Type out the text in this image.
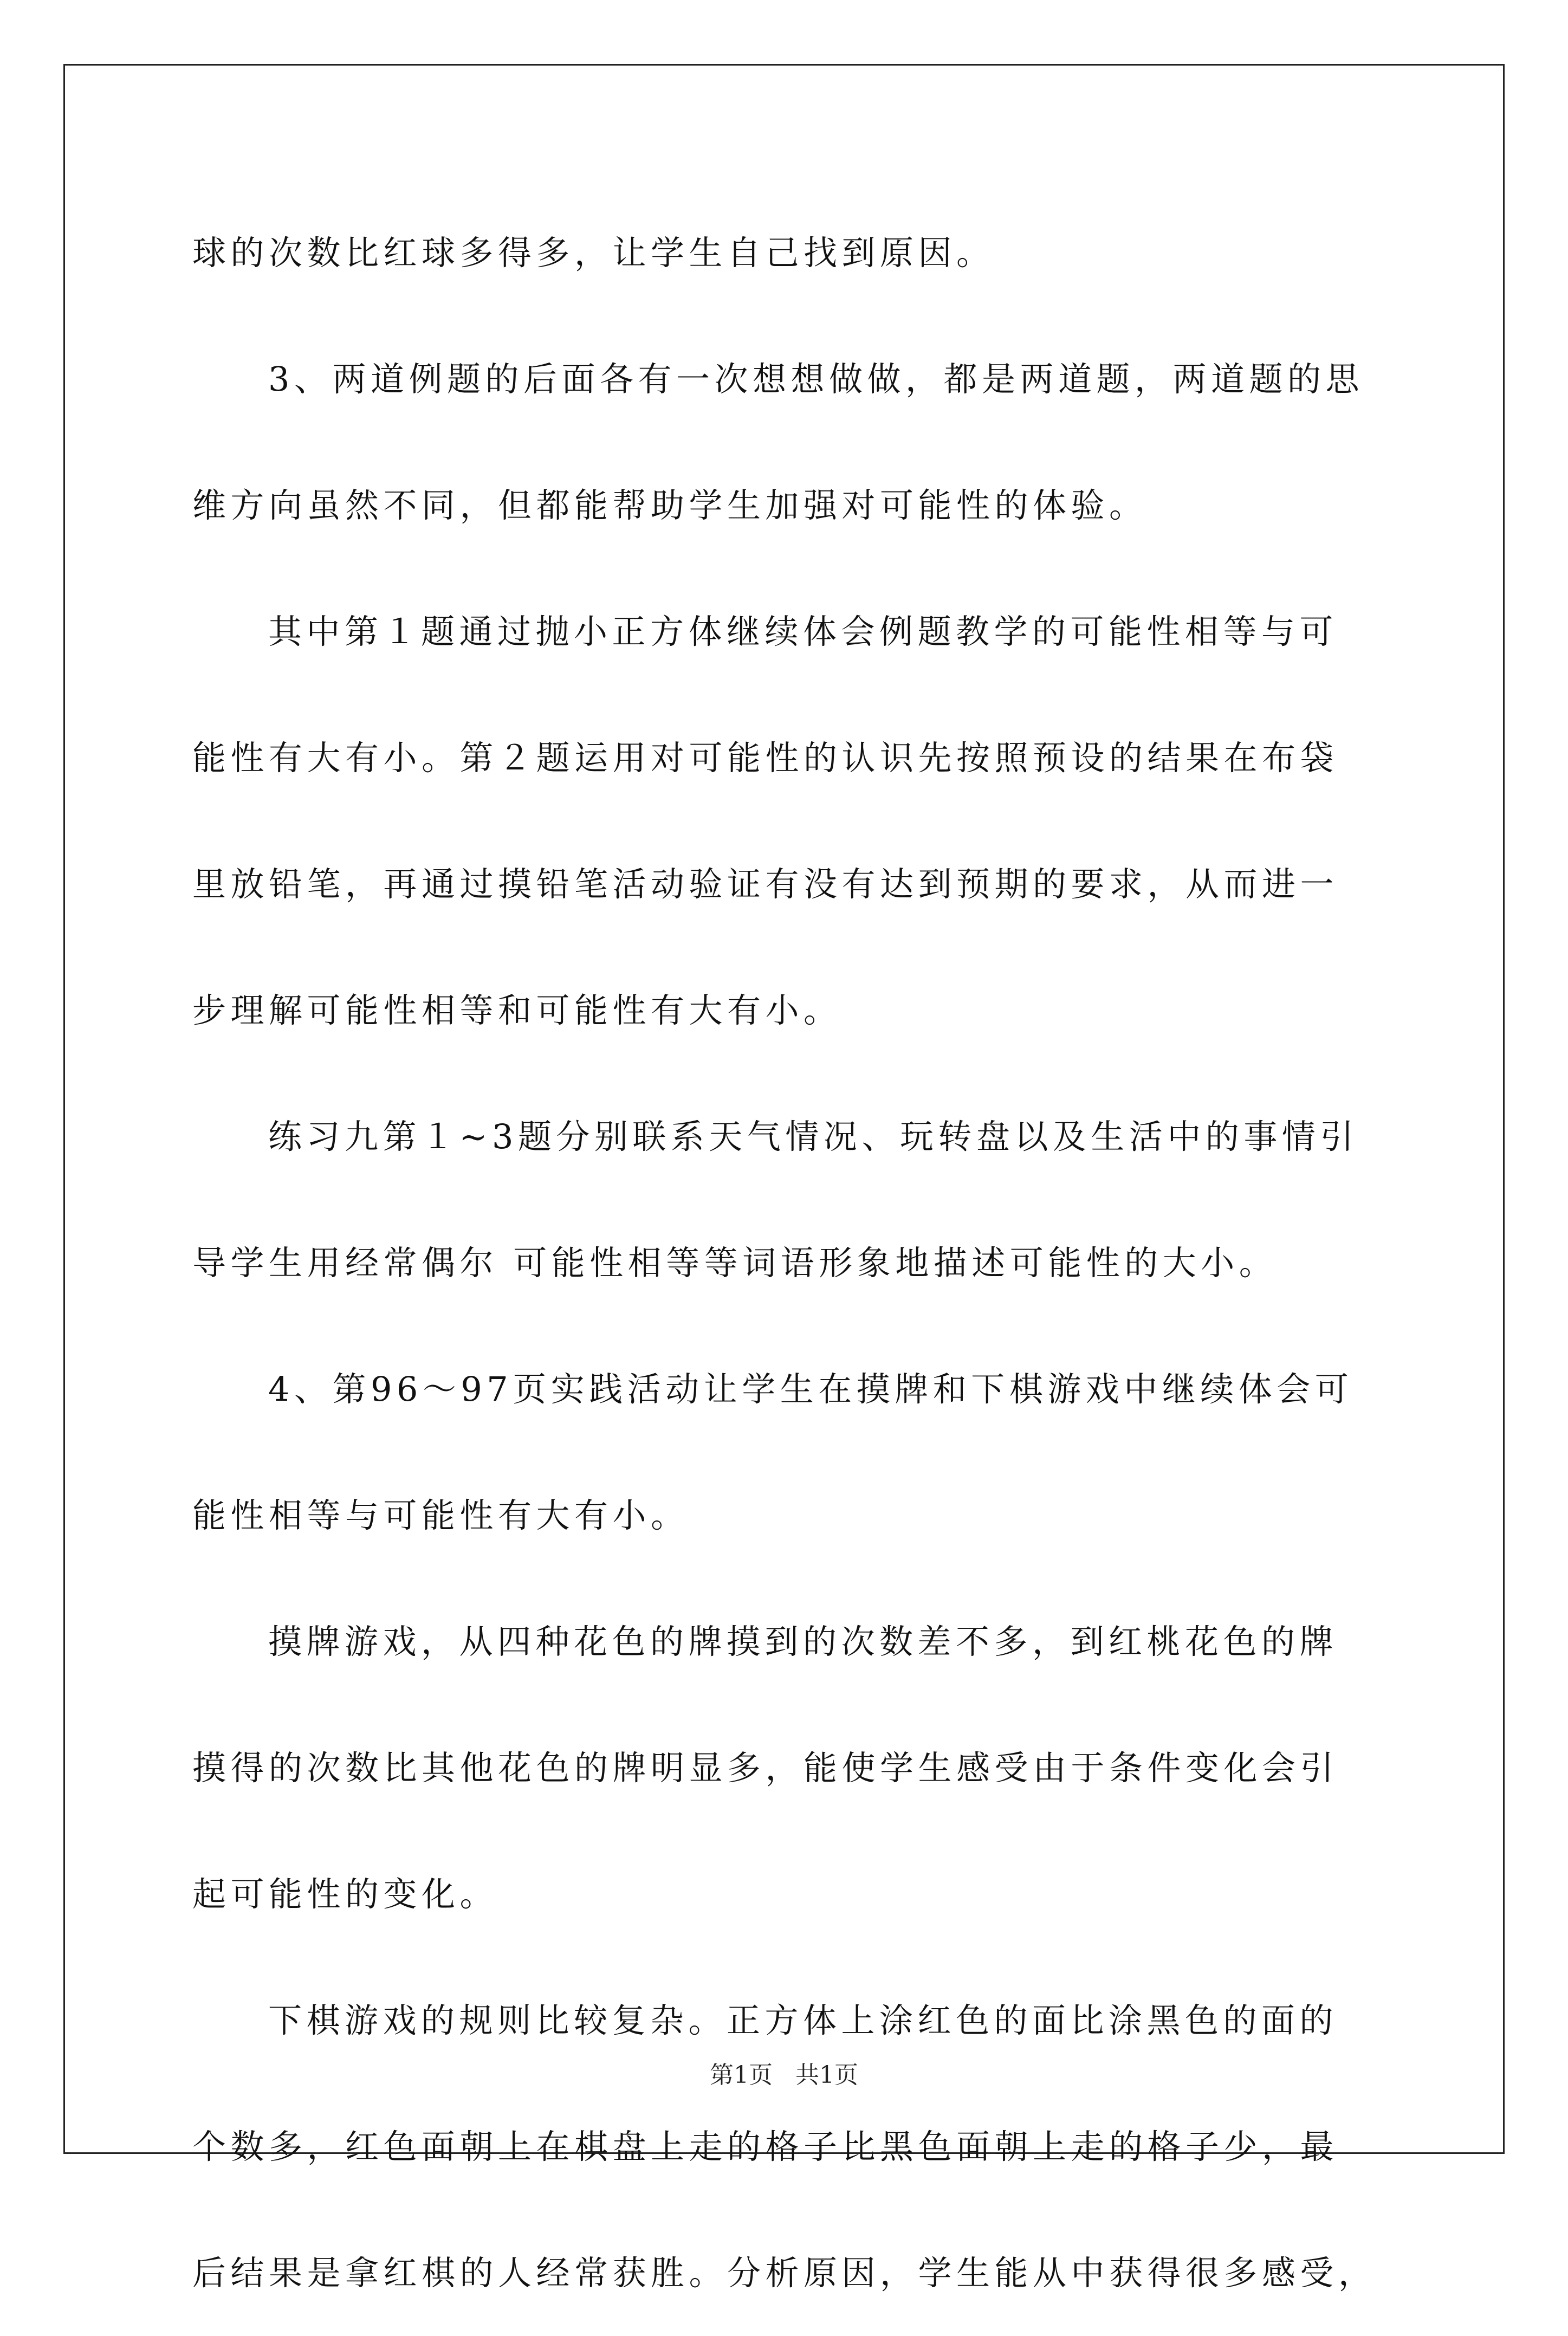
球的次数比红球多得多，让学生自己找到原因。
3、两道例题的后面各有一次想想做做，都是两道题，两道题的思
维方向虽然不同，但都能帮助学生加强对可能性的体验。
其中第１题通过抛小正方体继续体会例题教学的可能性相等与可
能性有大有小。第２题运用对可能性的认识先按照预设的结果在布袋
里放铅笔，再通过摸铅笔活动验证有没有达到预期的要求，从而进一
步理解可能性相等和可能性有大有小。
练习九第１~3题分别联系天气情况、玩转盘以及生活中的事情引
导学生用经常偶尔 可能性相等等词语形象地描述可能性的大小。
4、第96～97页实践活动让学生在摸牌和下棋游戏中继续体会可
能性相等与可能性有大有小。
摸牌游戏，从四种花色的牌摸到的次数差不多，到红桃花色的牌
摸得的次数比其他花色的牌明显多，能使学生感受由于条件变化会引
起可能性的变化。
下棋游戏的规则比较复杂。正方体上涂红色的面比涂黑色的面的
个数多，红色面朝上在棋盘上走的格子比黑色面朝上走的格子少，最
后结果是拿红棋的人经常获胜。分析原因，学生能从中获得很多感受，
第1页   共1页
